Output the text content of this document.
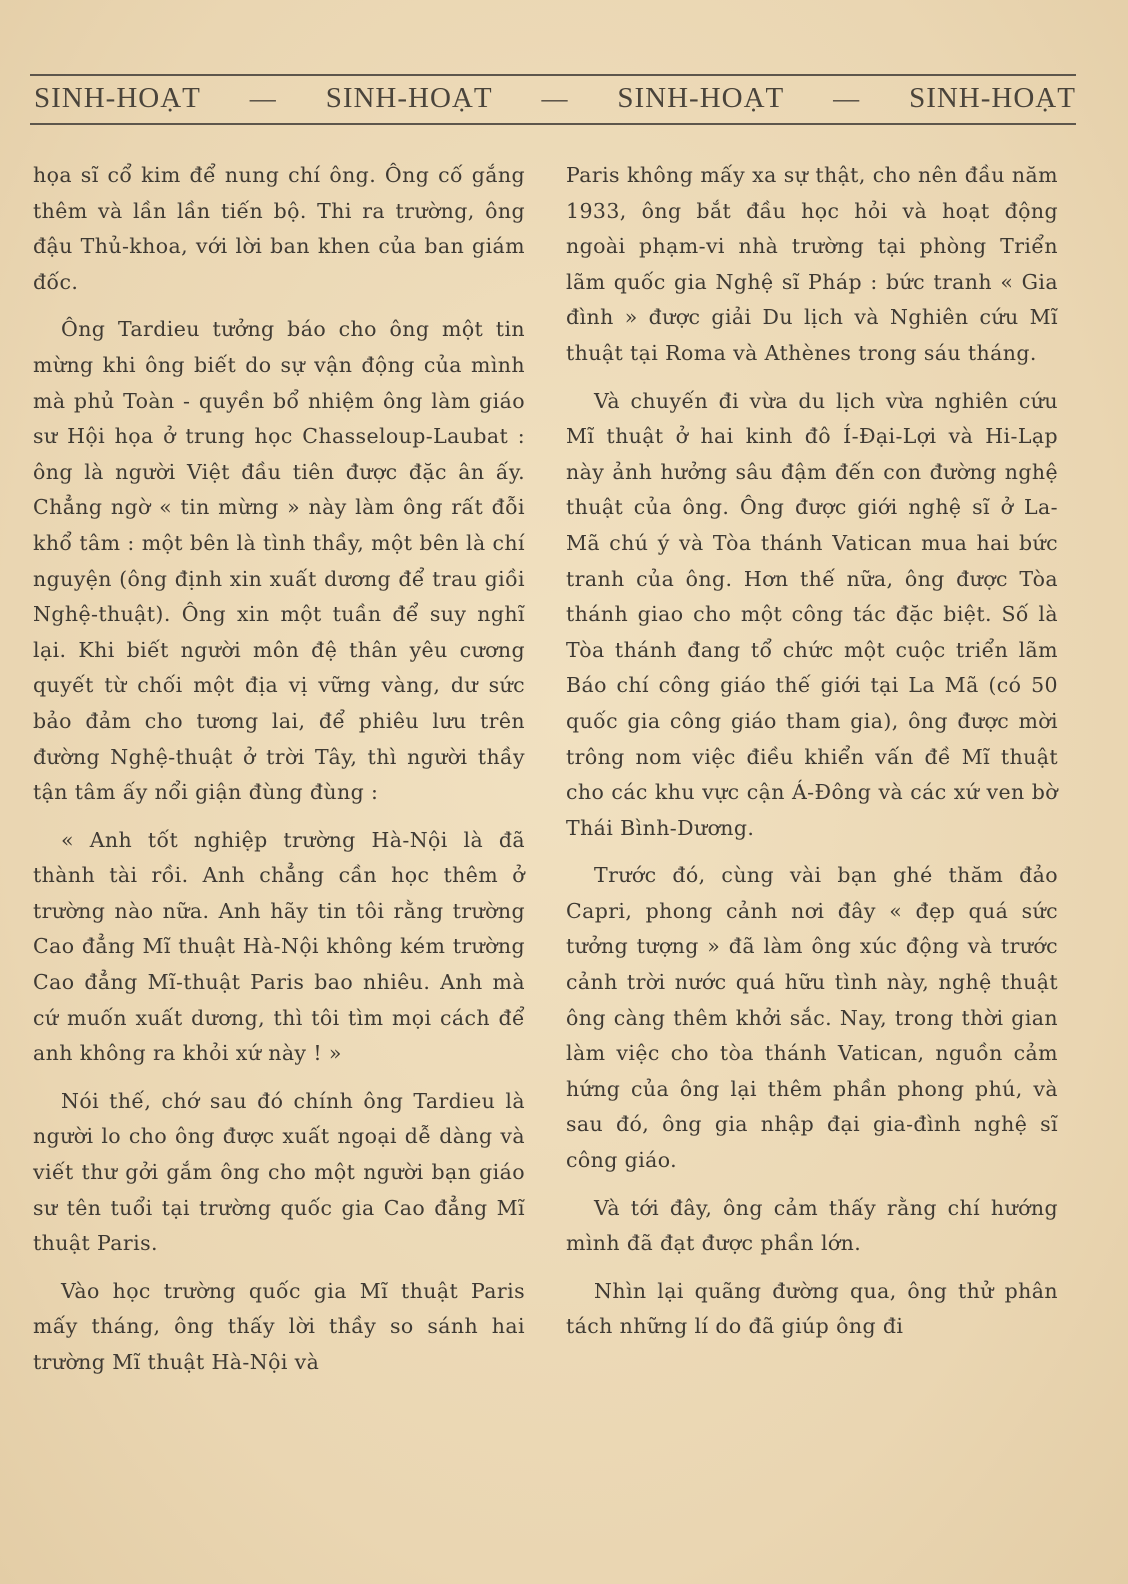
SINH-HOẠT — SINH-HOẠT — SINH-HOẠT — SINH-HOẠT

họa sĩ cổ kim để nung chí ông. Ông cố gắng thêm và lần lần tiến bộ. Thi ra trường, ông đậu Thủ-khoa, với lời ban khen của ban giám đốc.

Ông Tardieu tưởng báo cho ông một tin mừng khi ông biết do sự vận động của mình mà phủ Toàn - quyền bổ nhiệm ông làm giáo sư Hội họa ở trung học Chasseloup-Laubat : ông là người Việt đầu tiên được đặc ân ấy. Chẳng ngờ « tin mừng » này làm ông rất đỗi khổ tâm : một bên là tình thầy, một bên là chí nguyện (ông định xin xuất dương để trau giồi Nghệ-thuật). Ông xin một tuần để suy nghĩ lại. Khi biết người môn đệ thân yêu cương quyết từ chối một địa vị vững vàng, dư sức bảo đảm cho tương lai, để phiêu lưu trên đường Nghệ-thuật ở trời Tây, thì người thầy tận tâm ấy nổi giận đùng đùng :

« Anh tốt nghiệp trường Hà-Nội là đã thành tài rồi. Anh chẳng cần học thêm ở trường nào nữa. Anh hãy tin tôi rằng trường Cao đẳng Mĩ thuật Hà-Nội không kém trường Cao đẳng Mĩ-thuật Paris bao nhiêu. Anh mà cứ muốn xuất dương, thì tôi tìm mọi cách để anh không ra khỏi xứ này ! »

Nói thế, chớ sau đó chính ông Tardieu là người lo cho ông được xuất ngoại dễ dàng và viết thư gởi gắm ông cho một người bạn giáo sư tên tuổi tại trường quốc gia Cao đẳng Mĩ thuật Paris.

Vào học trường quốc gia Mĩ thuật Paris mấy tháng, ông thấy lời thầy so sánh hai trường Mĩ thuật Hà-Nội và

Paris không mấy xa sự thật, cho nên đầu năm 1933, ông bắt đầu học hỏi và hoạt động ngoài phạm-vi nhà trường tại phòng Triển lãm quốc gia Nghệ sĩ Pháp : bức tranh « Gia đình » được giải Du lịch và Nghiên cứu Mĩ thuật tại Roma và Athènes trong sáu tháng.

Và chuyến đi vừa du lịch vừa nghiên cứu Mĩ thuật ở hai kinh đô Í-Đại-Lợi và Hi-Lạp này ảnh hưởng sâu đậm đến con đường nghệ thuật của ông. Ông được giới nghệ sĩ ở La-Mã chú ý và Tòa thánh Vatican mua hai bức tranh của ông. Hơn thế nữa, ông được Tòa thánh giao cho một công tác đặc biệt. Số là Tòa thánh đang tổ chức một cuộc triển lãm Báo chí công giáo thế giới tại La Mã (có 50 quốc gia công giáo tham gia), ông được mời trông nom việc điều khiển vấn đề Mĩ thuật cho các khu vực cận Á-Đông và các xứ ven bờ Thái Bình-Dương.

Trước đó, cùng vài bạn ghé thăm đảo Capri, phong cảnh nơi đây « đẹp quá sức tưởng tượng » đã làm ông xúc động và trước cảnh trời nước quá hữu tình này, nghệ thuật ông càng thêm khởi sắc. Nay, trong thời gian làm việc cho tòa thánh Vatican, nguồn cảm hứng của ông lại thêm phần phong phú, và sau đó, ông gia nhập đại gia-đình nghệ sĩ công giáo.

Và tới đây, ông cảm thấy rằng chí hướng mình đã đạt được phần lớn.

Nhìn lại quãng đường qua, ông thử phân tách những lí do đã giúp ông đi
